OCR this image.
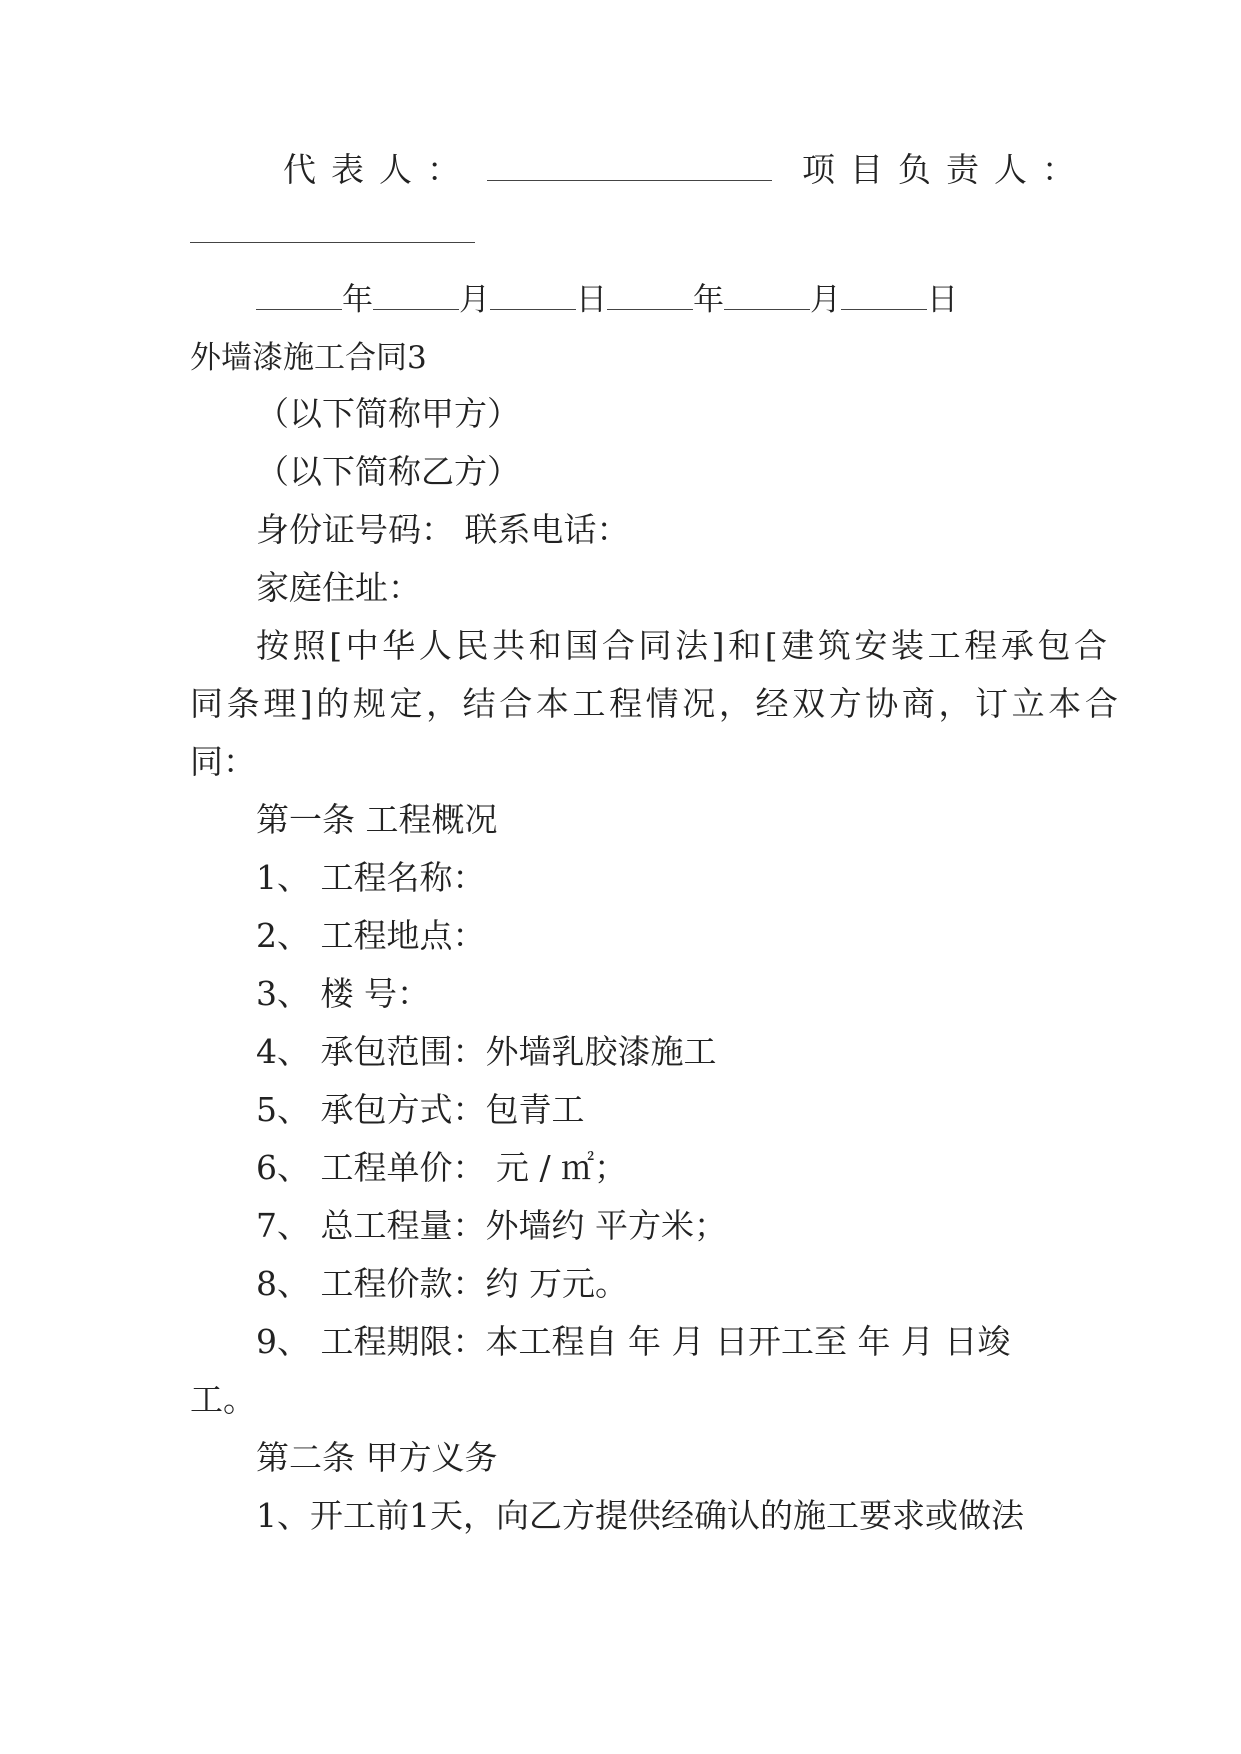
代表人：	项目负责人：
年	月	日	年	月	日
外墙漆施工合同3
（以下简称甲方）
（以下简称乙方）
身份证号码： 联系电话：
家庭住址：
按照[中华人民共和国合同法]和[建筑安装工程承包合
同条理]的规定，结合本工程情况，经双方协商，订立本合
同：
第一条 工程概况
1、 工程名称：
2、 工程地点：
3、 楼 号：
4、 承包范围：外墙乳胶漆施工
5、 承包方式：包青工
6、 工程单价： 元 / ㎡；
7、 总工程量：外墙约 平方米；
8、 工程价款：约 万元。
9、 工程期限：本工程自 年 月 日开工至 年 月 日竣
工。
第二条 甲方义务
1、开工前1天，向乙方提供经确认的施工要求或做法
